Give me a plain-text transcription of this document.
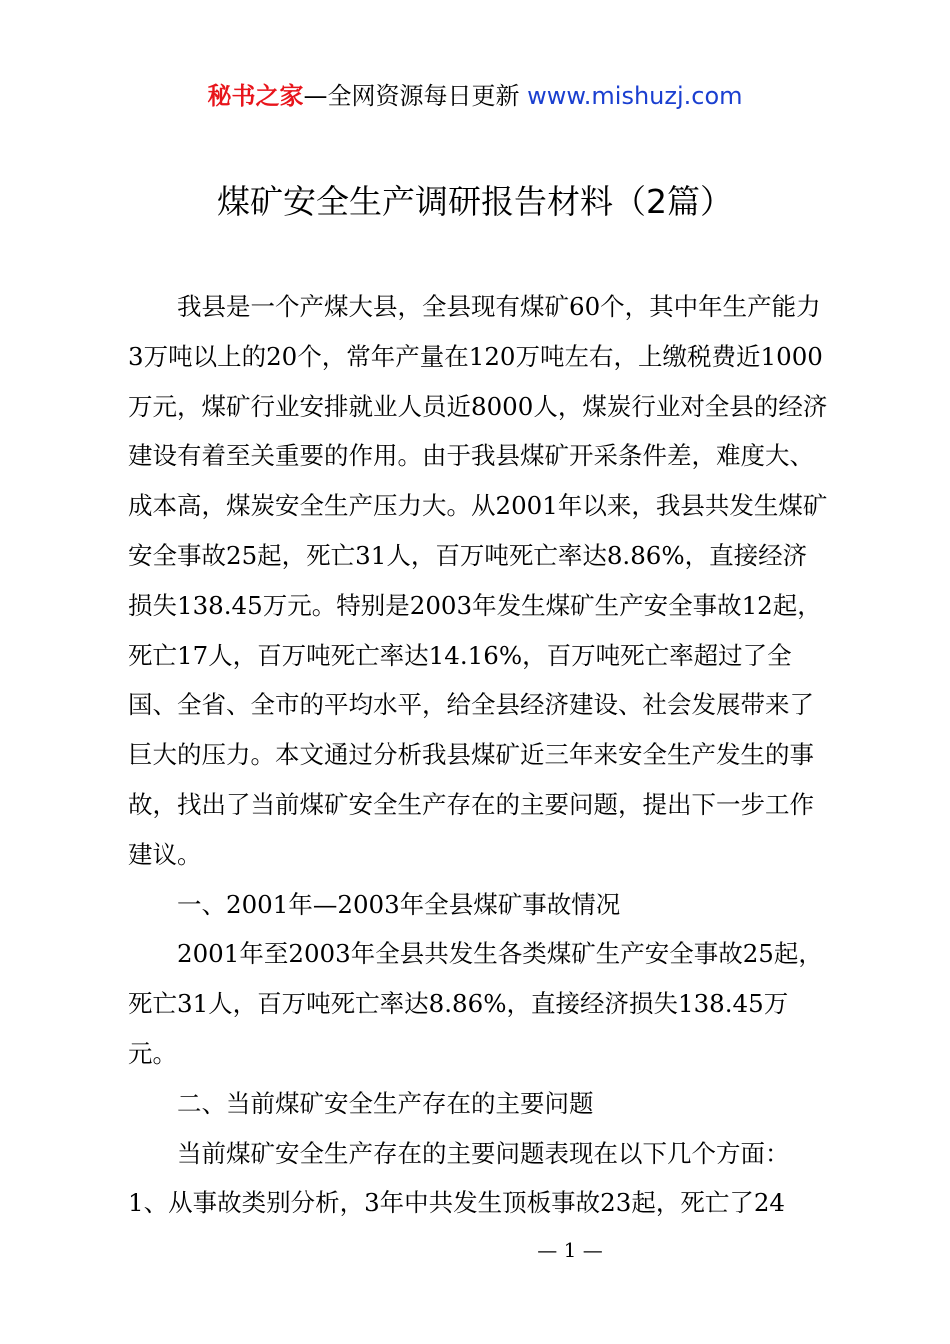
秘书之家—全网资源每日更新 www.mishuzj.com
煤矿安全生产调研报告材料（2篇）

我县是一个产煤大县，全县现有煤矿60个，其中年生产能力3万吨以上的20个，常年产量在120万吨左右，上缴税费近1000万元，煤矿行业安排就业人员近8000人，煤炭行业对全县的经济建设有着至关重要的作用。由于我县煤矿开采条件差，难度大、成本高，煤炭安全生产压力大。从2001年以来，我县共发生煤矿安全事故25起，死亡31人，百万吨死亡率达8.86%，直接经济损失138.45万元。特别是2003年发生煤矿生产安全事故12起，死亡17人，百万吨死亡率达14.16%，百万吨死亡率超过了全国、全省、全市的平均水平，给全县经济建设、社会发展带来了巨大的压力。本文通过分析我县煤矿近三年来安全生产发生的事故，找出了当前煤矿安全生产存在的主要问题，提出下一步工作建议。

一、2001年—2003年全县煤矿事故情况

2001年至2003年全县共发生各类煤矿生产安全事故25起，死亡31人，百万吨死亡率达8.86%，直接经济损失138.45万元。

二、当前煤矿安全生产存在的主要问题

当前煤矿安全生产存在的主要问题表现在以下几个方面：

1、从事故类别分析，3年中共发生顶板事故23起，死亡了24

— 1 —
